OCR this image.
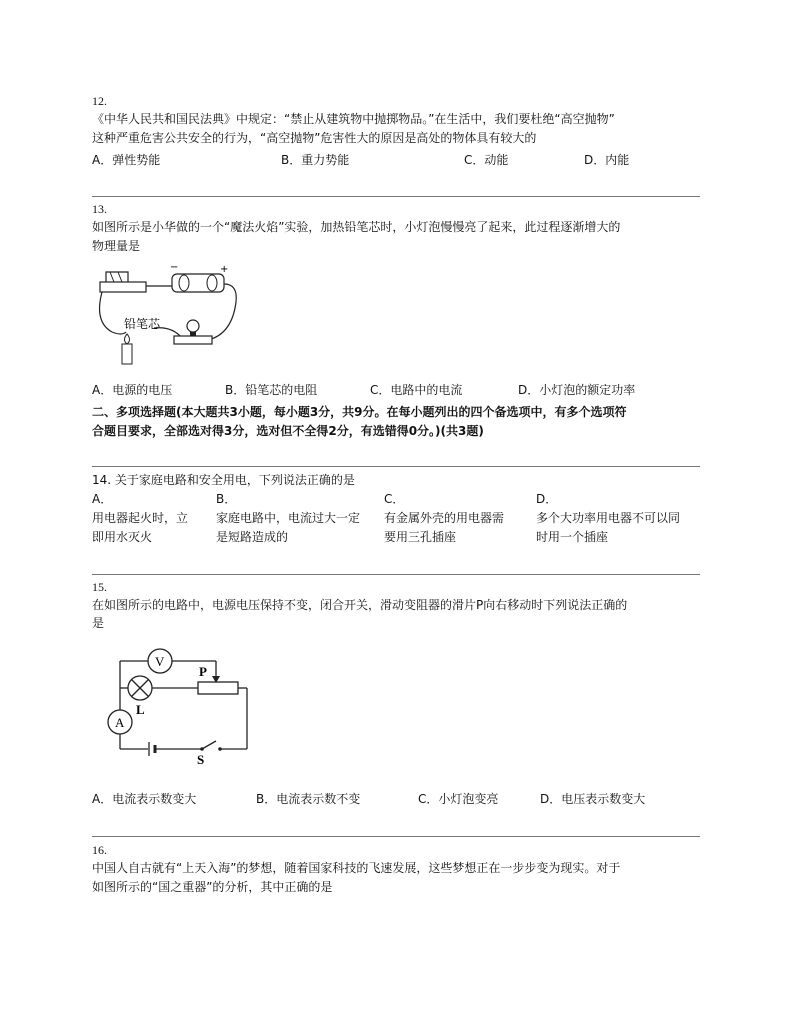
12.
《中华人民共和国民法典》中规定：“禁止从建筑物中抛掷物品。”在生活中，我们要杜绝“高空抛物”
这种严重危害公共安全的行为，“高空抛物”危害性大的原因是高处的物体具有较大的
A．弹性势能	B．重力势能	C．动能	D．内能
13.
如图所示是小华做的一个“魔法火焰”实验，加热铅笔芯时，小灯泡慢慢亮了起来，此过程逐渐增大的
物理量是
−	+
铅笔芯
A．电源的电压	B．铅笔芯的电阻	C．电路中的电流	D．小灯泡的额定功率
二、多项选择题(本大题共3小题，每小题3分，共9分。在每小题列出的四个备选项中，有多个选项符
合题目要求，全部选对得3分，选对但不全得2分，有选错得0分。)(共3题)
14. 关于家庭电路和安全用电，下列说法正确的是
A．
用电器起火时，立
即用水灭火
B．
家庭电路中，电流过大一定
是短路造成的
C．
有金属外壳的用电器需
要用三孔插座
D．
多个大功率用电器不可以同
时用一个插座
15.
在如图所示的电路中，电源电压保持不变，闭合开关，滑动变阻器的滑片P向右移动时下列说法正确的
是
V
L
P
A
S
A．电流表示数变大	B．电流表示数不变	C．小灯泡变亮	D．电压表示数变大
16.
中国人自古就有“上天入海”的梦想，随着国家科技的飞速发展，这些梦想正在一步步变为现实。对于
如图所示的“国之重器”的分析，其中正确的是
